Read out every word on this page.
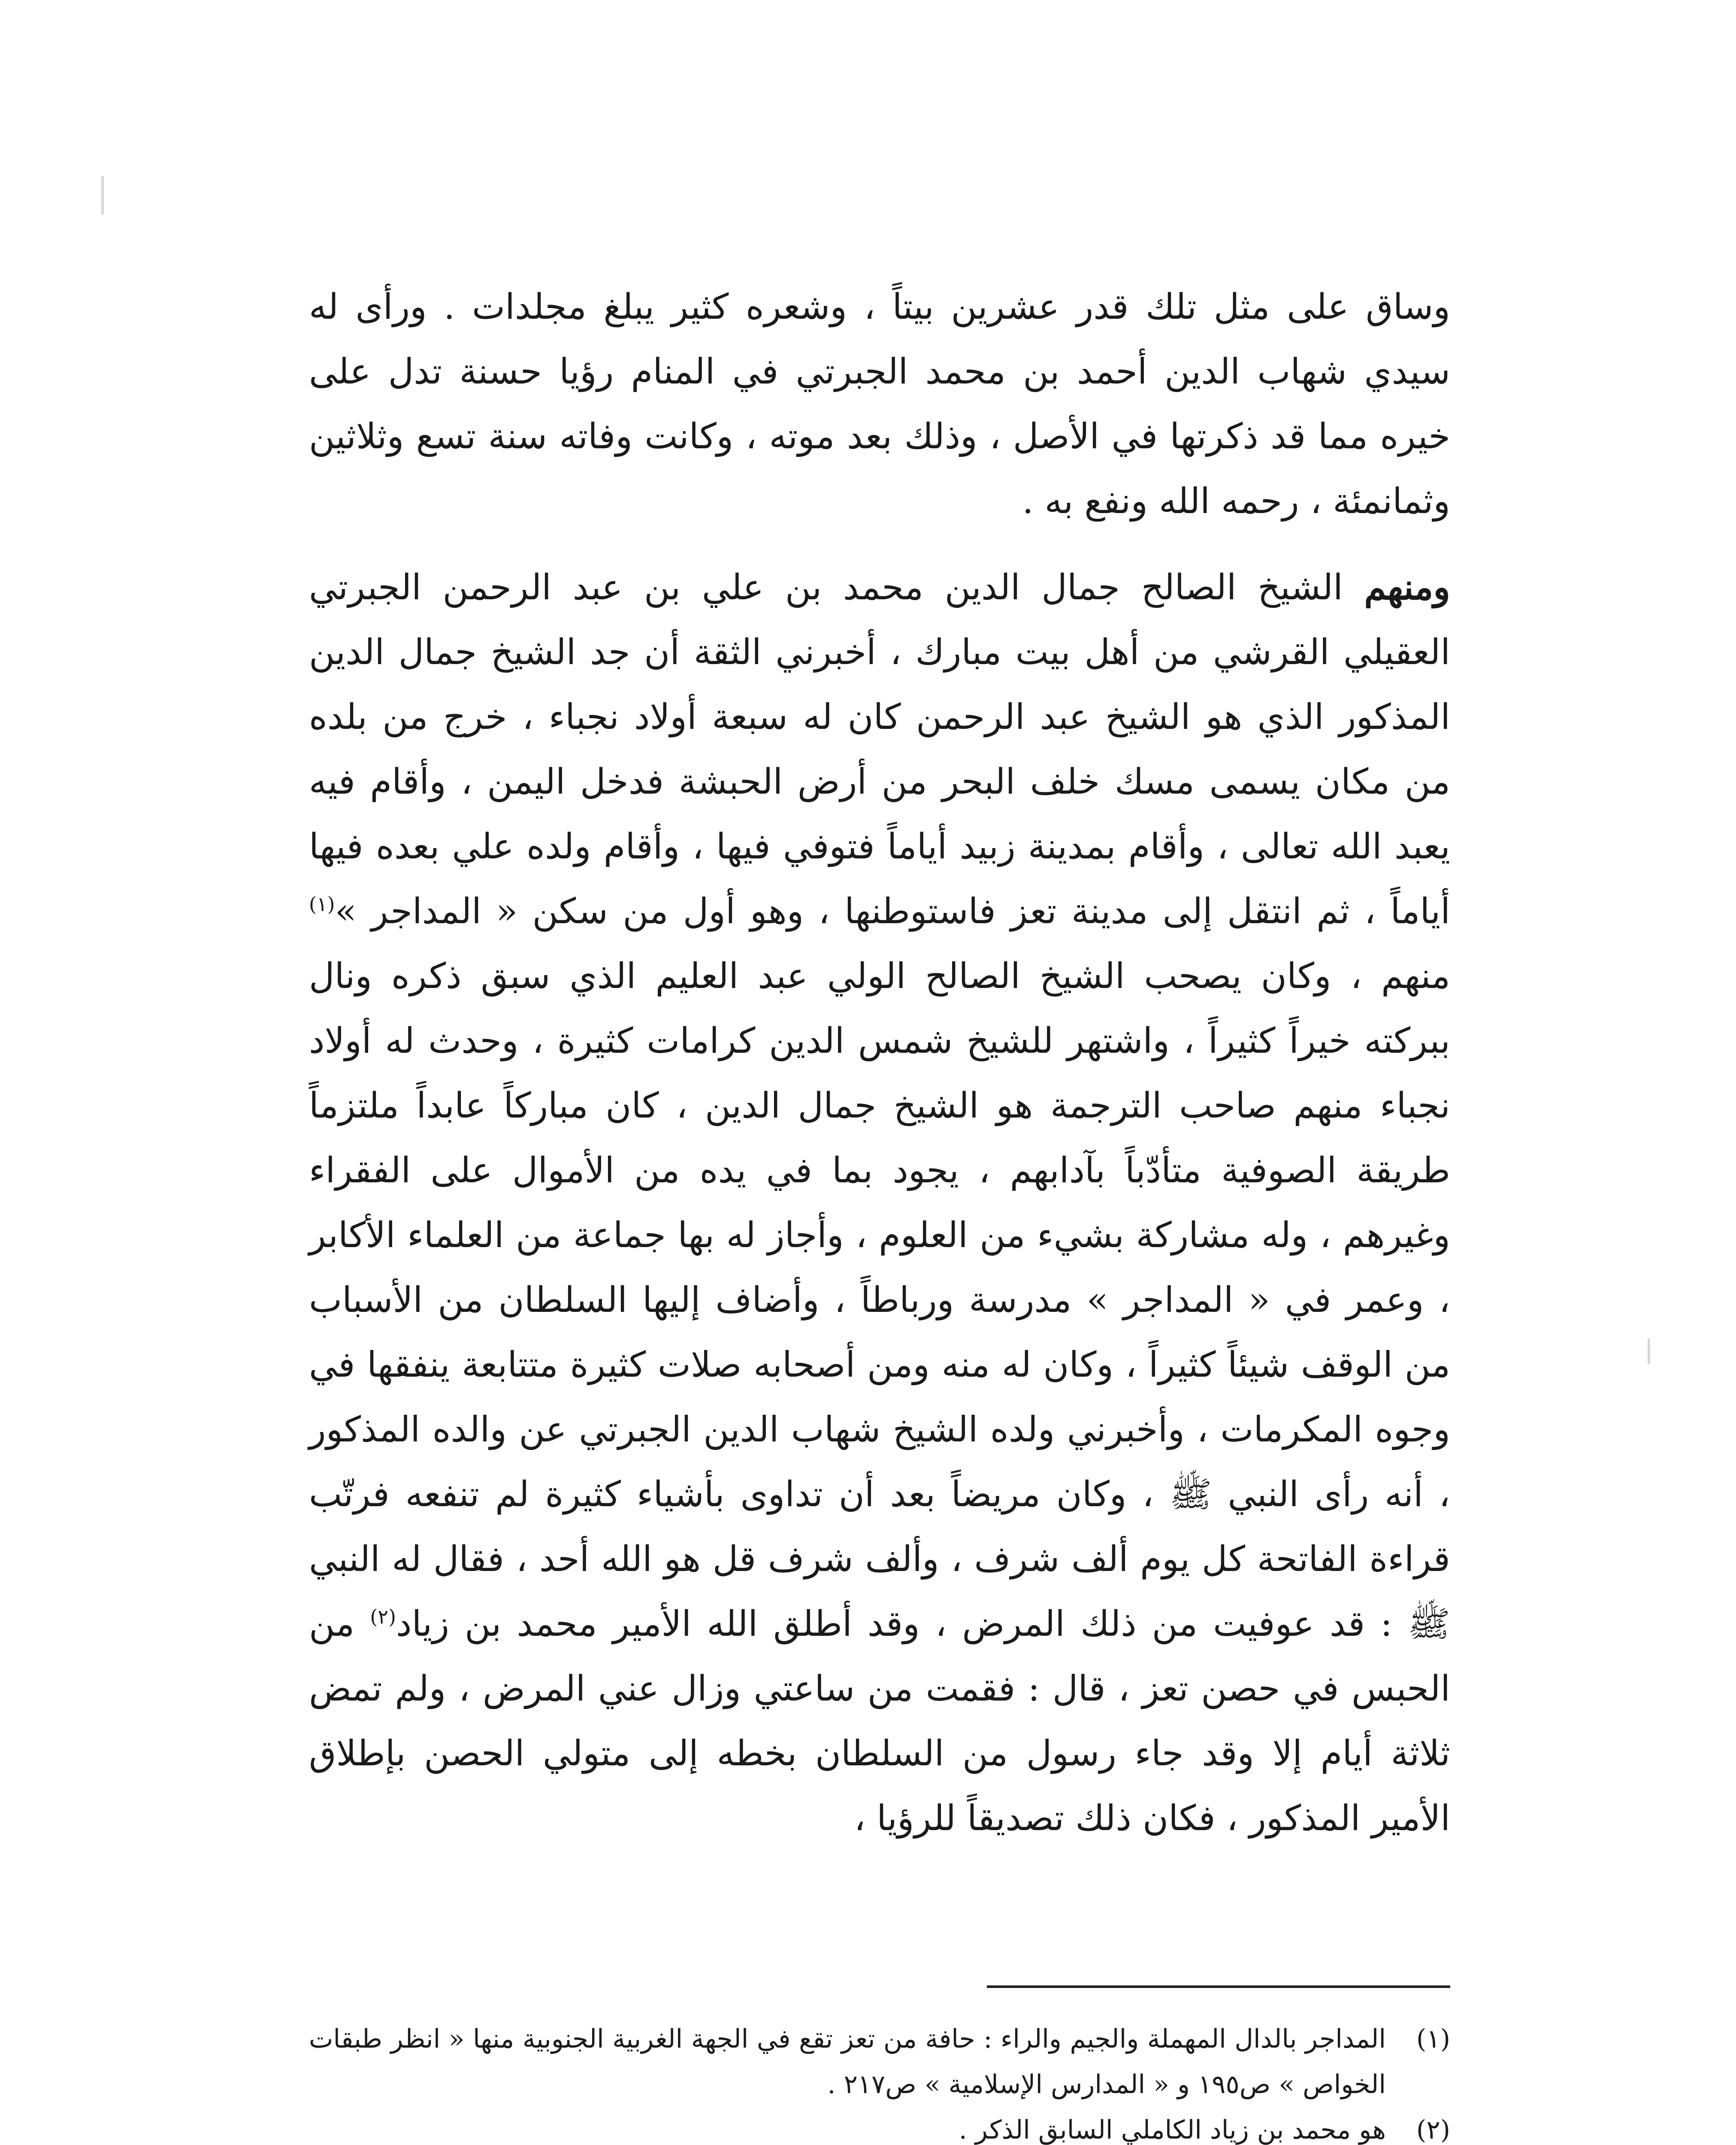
وساق على مثل تلك قدر عشرين بيتاً ، وشعره كثير يبلغ مجلدات . ورأى له سيدي شهاب الدين أحمد بن محمد الجبرتي في المنام رؤيا حسنة تدل على خيره مما قد ذكرتها في الأصل ، وذلك بعد موته ، وكانت وفاته سنة تسع وثلاثين وثمانمئة ، رحمه الله ونفع به .

ومنهم الشيخ الصالح جمال الدين محمد بن علي بن عبد الرحمن الجبرتي العقيلي القرشي من أهل بيت مبارك ، أخبرني الثقة أن جد الشيخ جمال الدين المذكور الذي هو الشيخ عبد الرحمن كان له سبعة أولاد نجباء ، خرج من بلده من مكان يسمى مسك خلف البحر من أرض الحبشة فدخل اليمن ، وأقام فيه يعبد الله تعالى ، وأقام بمدينة زبيد أياماً فتوفي فيها ، وأقام ولده علي بعده فيها أياماً ، ثم انتقل إلى مدينة تعز فاستوطنها ، وهو أول من سكن « المداجر »$^{(١)}$ منهم ، وكان يصحب الشيخ الصالح الولي عبد العليم الذي سبق ذكره ونال ببركته خيراً كثيراً ، واشتهر للشيخ شمس الدين كرامات كثيرة ، وحدث له أولاد نجباء منهم صاحب الترجمة هو الشيخ جمال الدين ، كان مباركاً عابداً ملتزماً طريقة الصوفية متأدّباً بآدابهم ، يجود بما في يده من الأموال على الفقراء وغيرهم ، وله مشاركة بشيء من العلوم ، وأجاز له بها جماعة من العلماء الأكابر ، وعمر في « المداجر » مدرسة ورباطاً ، وأضاف إليها السلطان من الأسباب من الوقف شيئاً كثيراً ، وكان له منه ومن أصحابه صلات كثيرة متتابعة ينفقها في وجوه المكرمات ، وأخبرني ولده الشيخ شهاب الدين الجبرتي عن والده المذكور ، أنه رأى النبي ﷺ ، وكان مريضاً بعد أن تداوى بأشياء كثيرة لم تنفعه فرتّب قراءة الفاتحة كل يوم ألف شرف ، وألف شرف قل هو الله أحد ، فقال له النبي ﷺ : قد عوفيت من ذلك المرض ، وقد أطلق الله الأمير محمد بن زياد$^{(٢)}$ من الحبس في حصن تعز ، قال : فقمت من ساعتي وزال عني المرض ، ولم تمض ثلاثة أيام إلا وقد جاء رسول من السلطان بخطه إلى متولي الحصن بإطلاق الأمير المذكور ، فكان ذلك تصديقاً للرؤيا ،

(١)
المداجر بالدال المهملة والجيم والراء : حافة من تعز تقع في الجهة الغربية الجنوبية منها « انظر طبقات الخواص » ص١٩٥ و « المدارس الإسلامية » ص٢١٧ .
(٢)
هو محمد بن زياد الكاملي السابق الذكر .
